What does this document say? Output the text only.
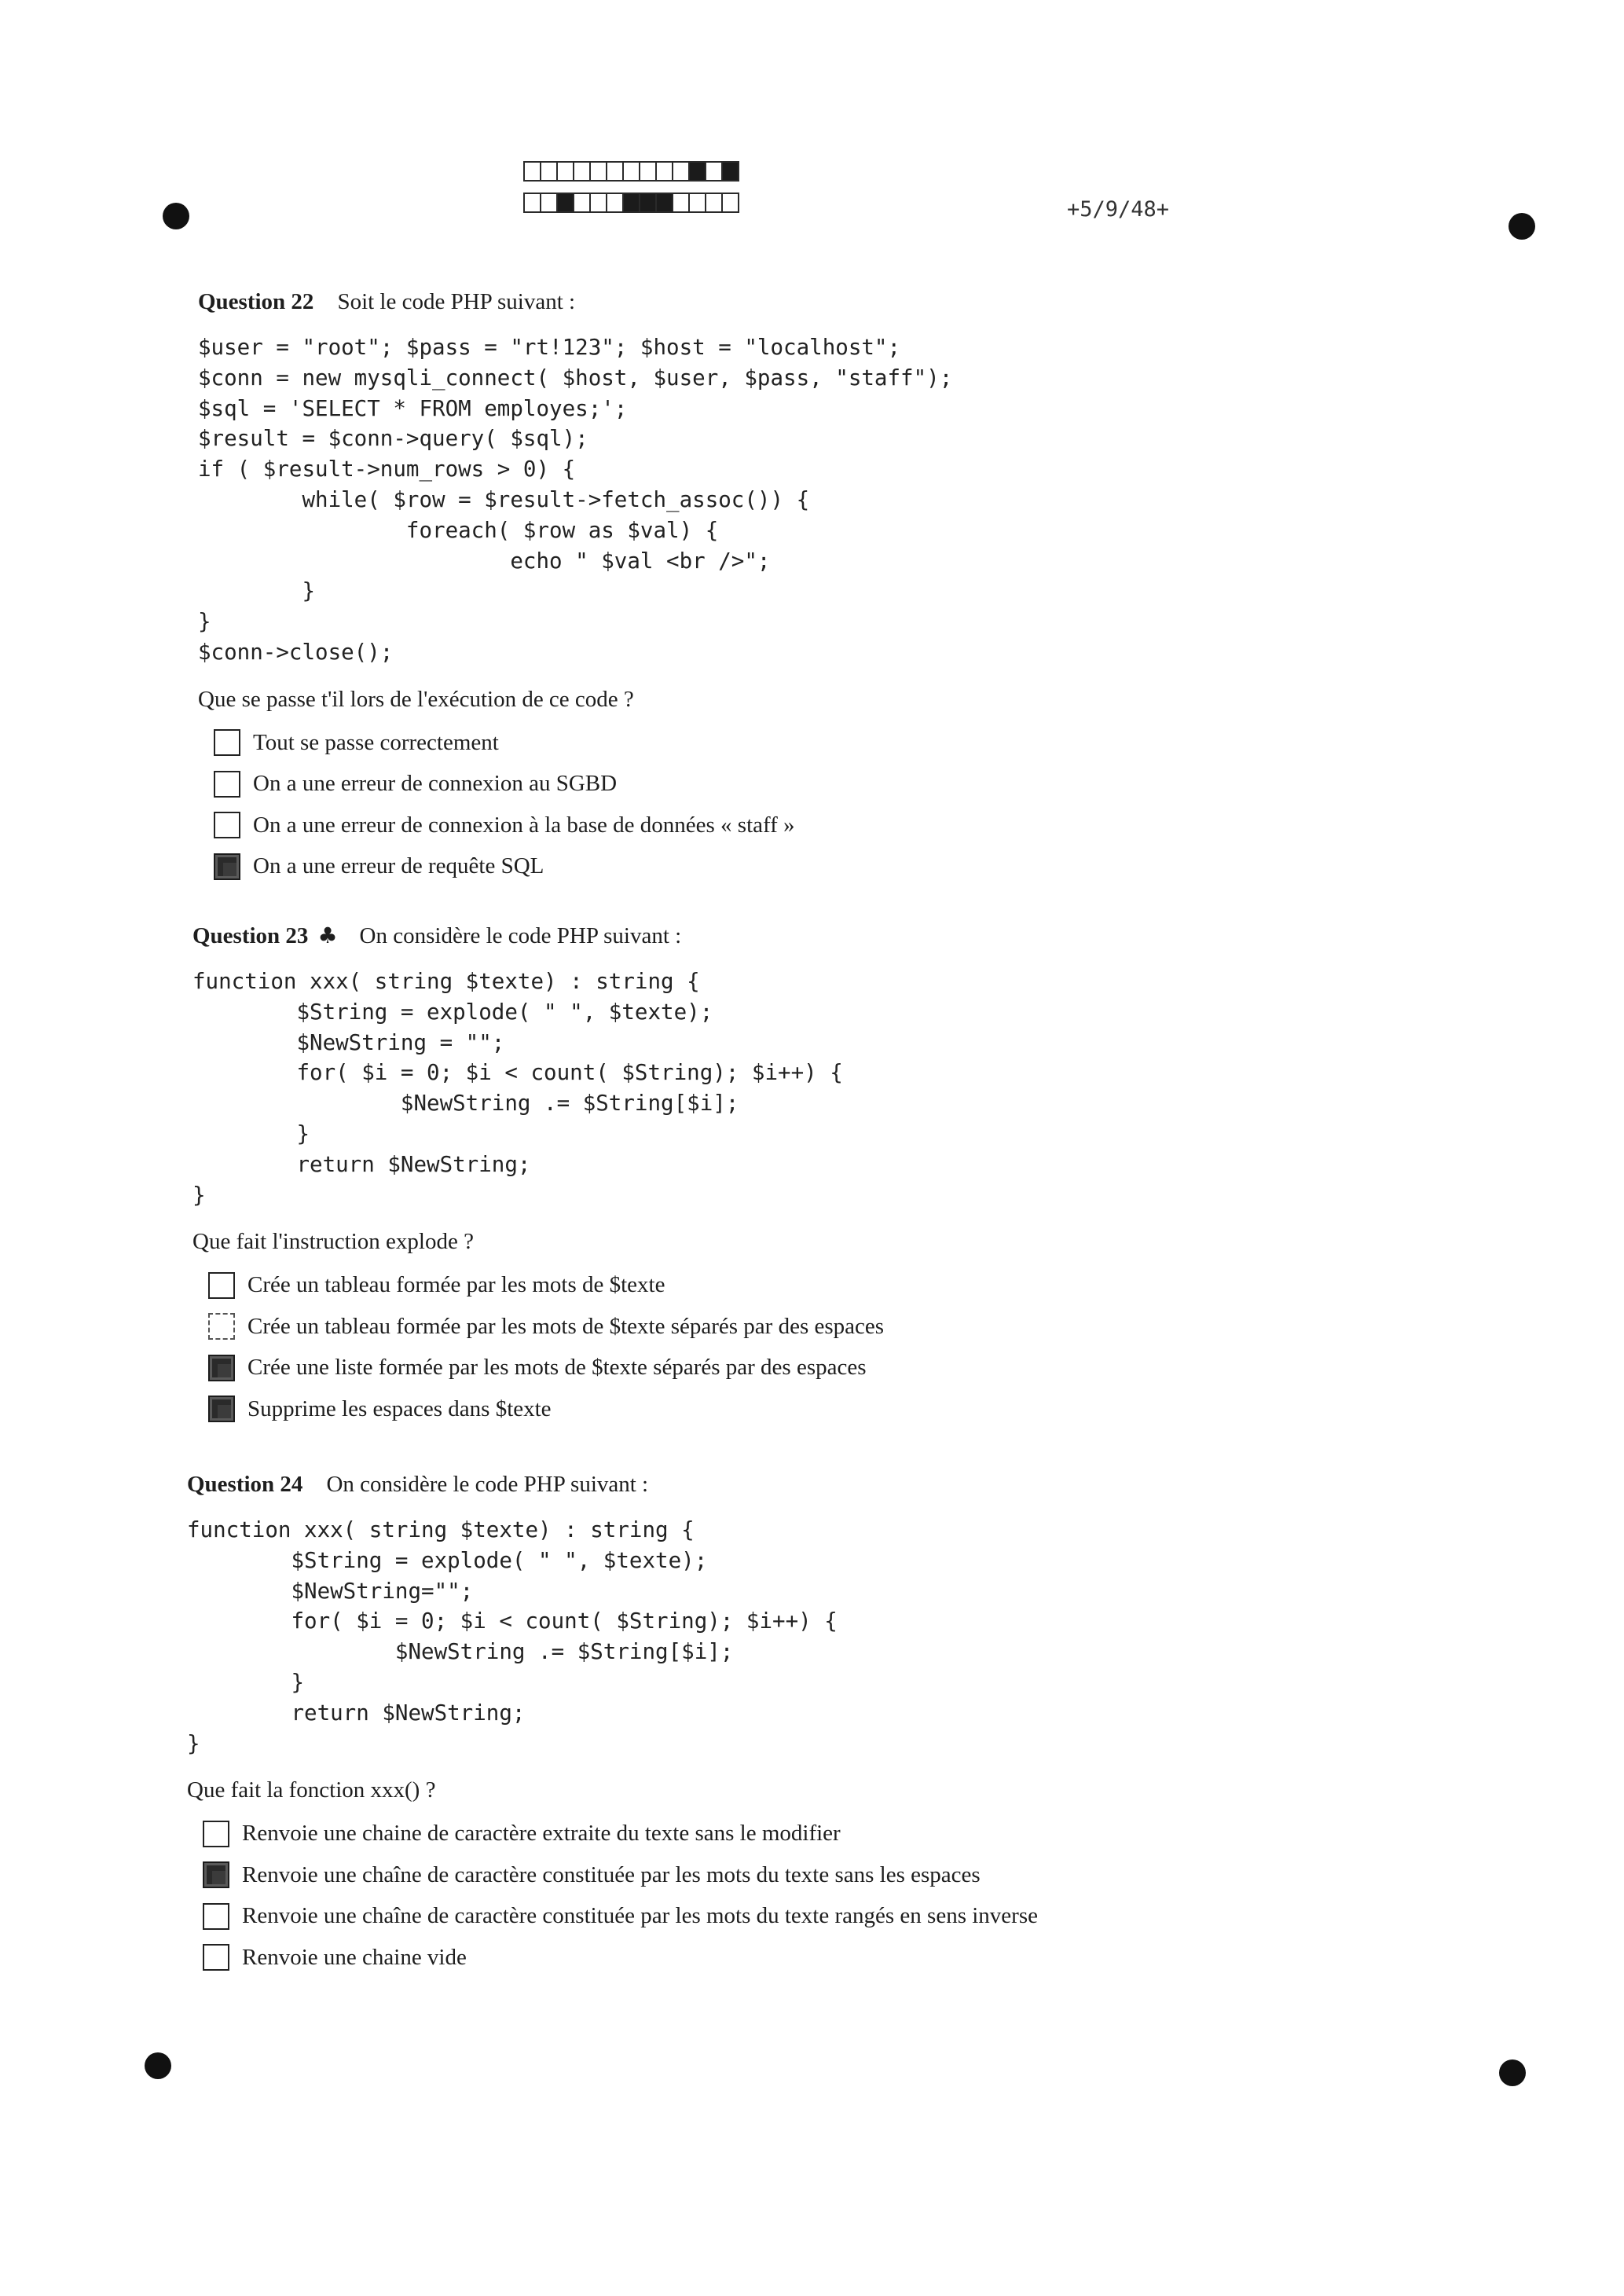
+5/9/48+
Question 22 Soit le code PHP suivant :
$user = "root"; $pass = "rt!123"; $host = "localhost";
$conn = new mysqli_connect( $host, $user, $pass, "staff");
$sql = 'SELECT * FROM employes;';
$result = $conn->query( $sql);
if ( $result->num_rows > 0) {
while( $row = $result->fetch_assoc()) {
foreach( $row as $val) {
echo " $val <br />";
}
}
$conn->close();
Que se passe t'il lors de l'exécution de ce code ?
Tout se passe correctement
On a une erreur de connexion au SGBD
On a une erreur de connexion à la base de données « staff »
On a une erreur de requête SQL
Question 23 ♣ On considère le code PHP suivant :
function xxx( string $texte) : string {
$String = explode( " ", $texte);
$NewString = "";
for( $i = 0; $i < count( $String); $i++) {
$NewString .= $String[$i];
}
return $NewString;
}
Que fait l'instruction explode ?
Crée un tableau formée par les mots de $texte
Crée un tableau formée par les mots de $texte séparés par des espaces
Crée une liste formée par les mots de $texte séparés par des espaces
Supprime les espaces dans $texte
Question 24 On considère le code PHP suivant :
function xxx( string $texte) : string {
$String = explode( " ", $texte);
$NewString="";
for( $i = 0; $i < count( $String); $i++) {
$NewString .= $String[$i];
}
return $NewString;
}
Que fait la fonction xxx() ?
Renvoie une chaine de caractère extraite du texte sans le modifier
Renvoie une chaîne de caractère constituée par les mots du texte sans les espaces
Renvoie une chaîne de caractère constituée par les mots du texte rangés en sens inverse
Renvoie une chaine vide
